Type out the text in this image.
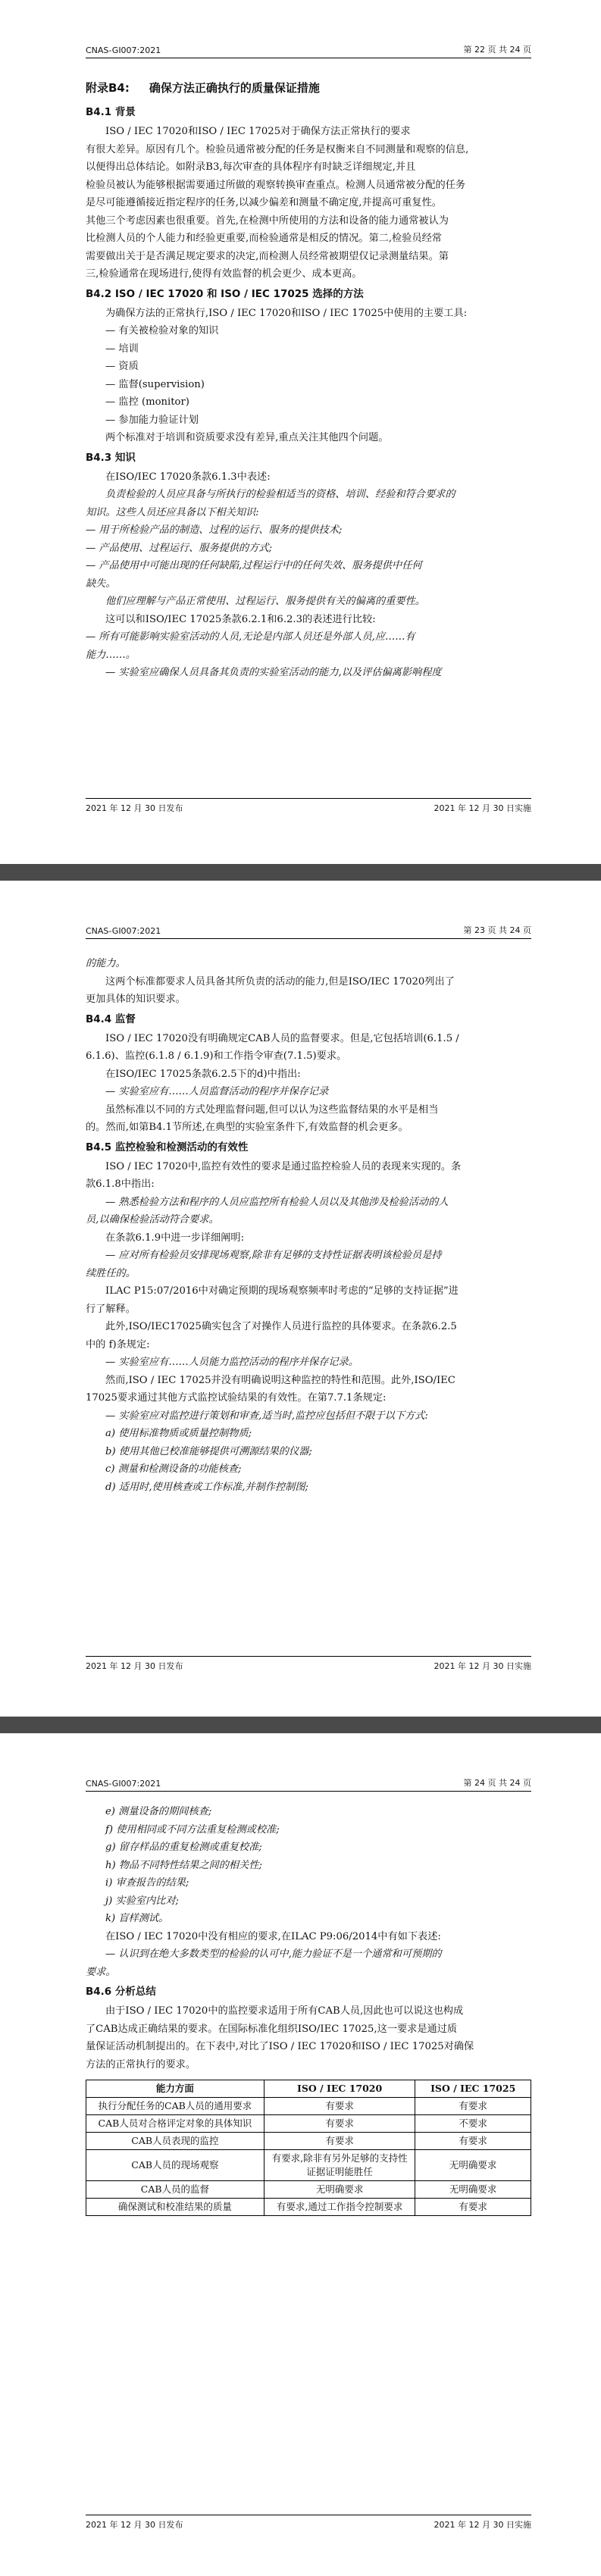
CNAS-GI007:2021	第 22 页 共 24 页
附录B4: 确保方法正确执行的质量保证措施
B4.1 背景

ISO / IEC 17020和ISO / IEC 17025对于确保方法正常执行的要求

有很大差异。原因有几个。检验员通常被分配的任务是权衡来自不同测量和观察的信息,

以便得出总体结论。如附录B3,每次审查的具体程序有时缺乏详细规定,并且

检验员被认为能够根据需要通过所做的观察转换审查重点。检测人员通常被分配的任务

是尽可能遵循接近指定程序的任务,以减少偏差和测量不确定度,并提高可重复性。

其他三个考虑因素也很重要。首先,在检测中所使用的方法和设备的能力通常被认为

比检测人员的个人能力和经验更重要,而检验通常是相反的情况。第二,检验员经常

需要做出关于是否满足规定要求的决定,而检测人员经常被期望仅记录测量结果。第

三,检验通常在现场进行,使得有效监督的机会更少、成本更高。

B4.2 ISO / IEC 17020 和 ISO / IEC 17025 选择的方法

为确保方法的正常执行,ISO / IEC 17020和ISO / IEC 17025中使用的主要工具:

— 有关被检验对象的知识

— 培训

— 资质

— 监督(supervision)

— 监控 (monitor)

— 参加能力验证计划

两个标准对于培训和资质要求没有差异,重点关注其他四个问题。

B4.3 知识

在ISO/IEC 17020条款6.1.3中表述:

负责检验的人员应具备与所执行的检验相适当的资格、培训、经验和符合要求的

知识。这些人员还应具备以下相关知识:

— 用于所检验产品的制造、过程的运行、服务的提供技术;

— 产品使用、过程运行、服务提供的方式;

— 产品使用中可能出现的任何缺陷,过程运行中的任何失效、服务提供中任何

缺失。

他们应理解与产品正常使用、过程运行、服务提供有关的偏离的重要性。

这可以和ISO/IEC 17025条款6.2.1和6.2.3的表述进行比较:

— 所有可能影响实验室活动的人员,无论是内部人员还是外部人员,应……有

能力……。

— 实验室应确保人员具备其负责的实验室活动的能力,以及评估偏离影响程度

2021 年 12 月 30 日发布	2021 年 12 月 30 日实施
CNAS-GI007:2021	第 23 页 共 24 页

的能力。

这两个标准都要求人员具备其所负责的活动的能力,但是ISO/IEC 17020列出了

更加具体的知识要求。

B4.4 监督

ISO / IEC 17020没有明确规定CAB人员的监督要求。但是,它包括培训(6.1.5 /

6.1.6)、监控(6.1.8 / 6.1.9)和工作指令审查(7.1.5)要求。

在ISO/IEC 17025条款6.2.5下的d)中指出:

— 实验室应有……人员监督活动的程序并保存记录

虽然标准以不同的方式处理监督问题,但可以认为这些监督结果的水平是相当

的。然而,如第B4.1节所述,在典型的实验室条件下,有效监督的机会更多。

B4.5 监控检验和检测活动的有效性

ISO / IEC 17020中,监控有效性的要求是通过监控检验人员的表现来实现的。条

款6.1.8中指出:

— 熟悉检验方法和程序的人员应监控所有检验人员以及其他涉及检验活动的人

员,以确保检验活动符合要求。

在条款6.1.9中进一步详细阐明:

— 应对所有检验员安排现场观察,除非有足够的支持性证据表明该检验员是持

续胜任的。

ILAC P15:07/2016中对确定预期的现场观察频率时考虑的“足够的支持证据”进

行了解释。

此外,ISO/IEC17025确实包含了对操作人员进行监控的具体要求。在条款6.2.5

中的 f)条规定:

— 实验室应有……人员能力监控活动的程序并保存记录。

然而,ISO / IEC 17025并没有明确说明这种监控的特性和范围。此外,ISO/IEC

17025要求通过其他方式监控试验结果的有效性。在第7.7.1条规定:

— 实验室应对监控进行策划和审查,适当时,监控应包括但不限于以下方式:

a) 使用标准物质或质量控制物质;

b) 使用其他已校准能够提供可溯源结果的仪器;

c) 测量和检测设备的功能核查;

d) 适用时,使用核查或工作标准,并制作控制图;

2021 年 12 月 30 日发布	2021 年 12 月 30 日实施
CNAS-GI007:2021	第 24 页 共 24 页

e) 测量设备的期间核查;

f) 使用相同或不同方法重复检测或校准;

g) 留存样品的重复检测或重复校准;

h) 物品不同特性结果之间的相关性;

i) 审查报告的结果;

j) 实验室内比对;

k) 盲样测试。

在ISO / IEC 17020中没有相应的要求,在ILAC P9:06/2014中有如下表述:

— 认识到在绝大多数类型的检验的认可中,能力验证不是一个通常和可预期的

要求。

B4.6 分析总结

由于ISO / IEC 17020中的监控要求适用于所有CAB人员,因此也可以说这也构成

了CAB达成正确结果的要求。在国际标准化组织ISO/IEC 17025,这一要求是通过质

量保证活动机制提出的。在下表中,对比了ISO / IEC 17020和ISO / IEC 17025对确保

方法的正常执行的要求。

能力方面	ISO / IEC 17020	ISO / IEC 17025
执行分配任务的CAB人员的通用要求	有要求	有要求
CAB人员对合格评定对象的具体知识	有要求	不要求
CAB人员表现的监控	有要求	有要求
CAB人员的现场观察	有要求,除非有另外足够的支持性证据证明能胜任	无明确要求
CAB人员的监督	无明确要求	无明确要求
确保测试和校准结果的质量	有要求,通过工作指令控制要求	有要求
2021 年 12 月 30 日发布	2021 年 12 月 30 日实施
